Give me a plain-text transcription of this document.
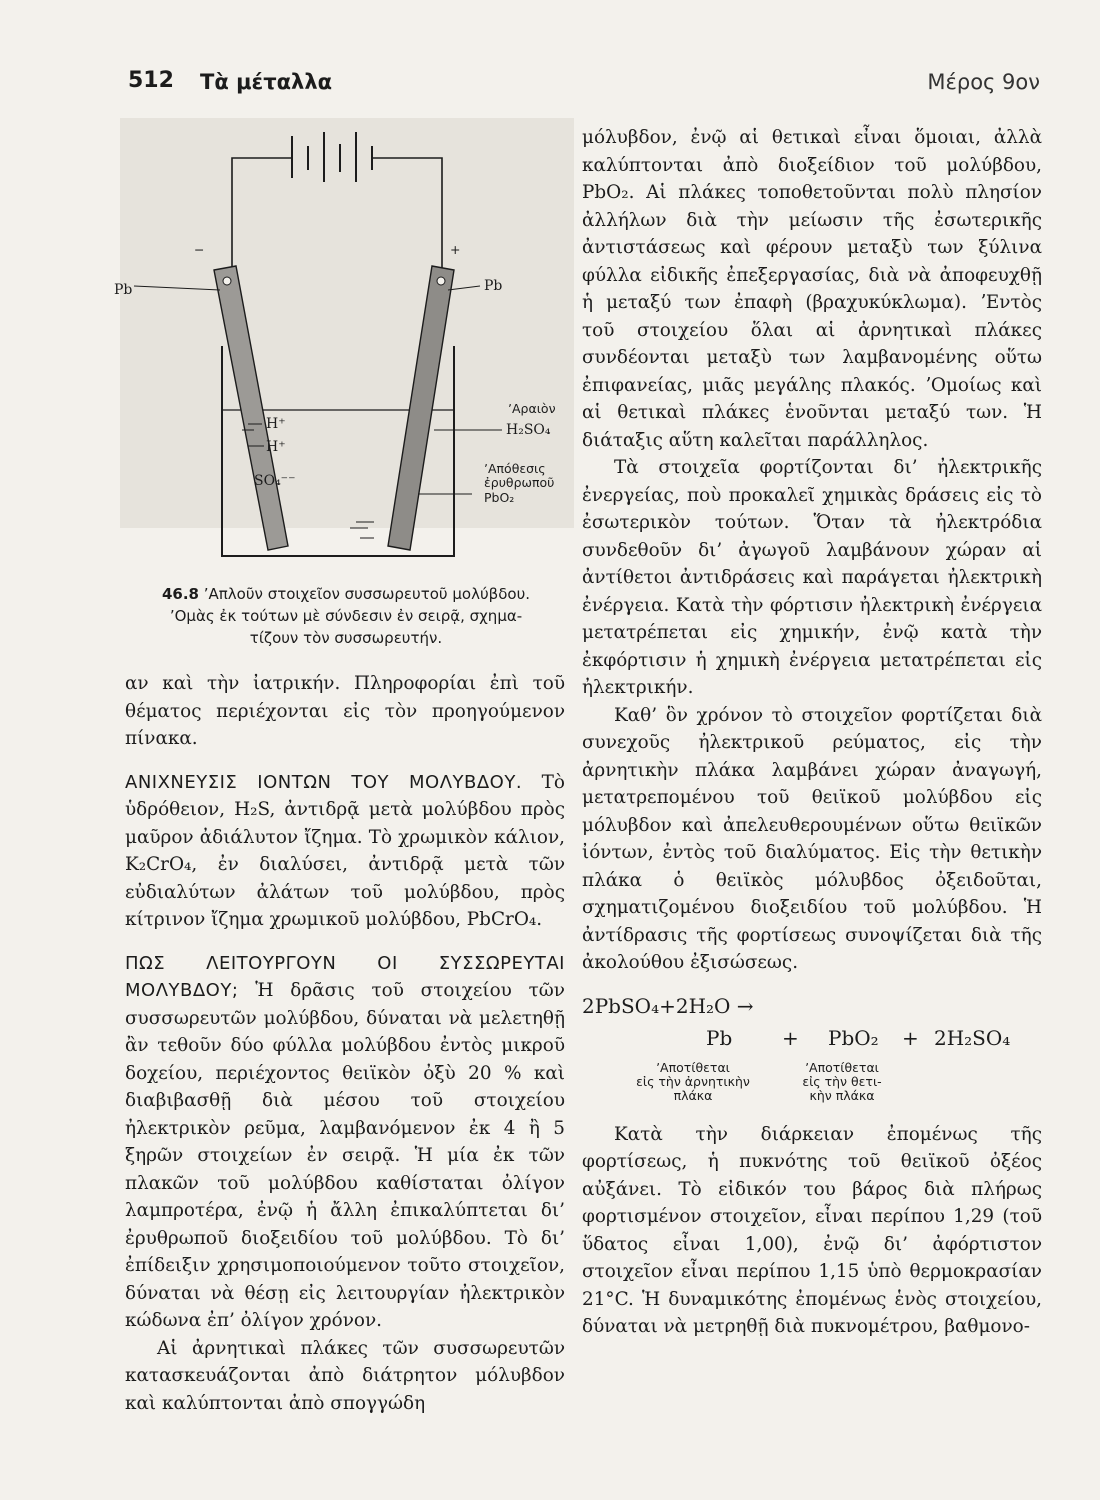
512 Τὰ μέταλλα	Μέρος 9ον
−	+
Pb	Pb
H⁺
H⁺
SO₄⁻⁻
ʼΑραιὸν
H₂SO₄
ʼΑπόθεσις
ἐρυθρωποῦ
PbO₂
46.8 ʼΑπλοῦν στοιχεῖον συσσωρευτοῦ μολύβδου.
ʼΟμὰς ἐκ τούτων μὲ σύνδεσιν ἐν σειρᾷ, σχημα-
τίζουν τὸν συσσωρευτήν.

αν καὶ τὴν ἰατρικήν. Πληροφορίαι ἐπὶ τοῦ θέματος περιέχονται εἰς τὸν προηγούμενον πίνακα.

ΑΝΙΧΝΕΥΣΙΣ ΙΟΝΤΩΝ ΤΟΥ ΜΟΛΥΒΔΟΥ. Τὸ ὑδρόθειον, H₂S, ἀντιδρᾷ μετὰ μολύβδου πρὸς μαῦρον ἀδιάλυτον ἴζημα. Τὸ χρωμικὸν κάλιον, K₂CrO₄, ἐν διαλύσει, ἀντιδρᾷ μετὰ τῶν εὐδιαλύτων ἀλάτων τοῦ μολύβδου, πρὸς κίτρινον ἴζημα χρωμικοῦ μολύβδου, PbCrO₄.

ΠΩΣ ΛΕΙΤΟΥΡΓΟΥΝ ΟΙ ΣΥΣΣΩΡΕΥΤΑΙ ΜΟΛΥΒΔΟΥ; Ἡ δρᾶσις τοῦ στοιχείου τῶν συσσωρευτῶν μολύβδου, δύναται νὰ μελετηθῇ ἂν τεθοῦν δύο φύλλα μολύβδου ἐντὸς μικροῦ δοχείου, περιέχοντος θειϊκὸν ὀξὺ 20 % καὶ διαβιβασθῇ διὰ μέσου τοῦ στοιχείου ἠλεκτρικὸν ρεῦμα, λαμβανόμενον ἐκ 4 ἢ 5 ξηρῶν στοιχείων ἐν σειρᾷ. Ἡ μία ἐκ τῶν πλακῶν τοῦ μολύβδου καθίσταται ὀλίγον λαμπροτέρα, ἐνῷ ἡ ἄλλη ἐπικαλύπτεται δι’ ἐρυθρωποῦ διοξειδίου τοῦ μολύβδου. Τὸ δι’ ἐπίδειξιν χρησιμοποιούμενον τοῦτο στοιχεῖον, δύναται νὰ θέσῃ εἰς λειτουργίαν ἠλεκτρικὸν κώδωνα ἐπ’ ὀλίγον χρόνον.

Αἱ ἀρνητικαὶ πλάκες τῶν συσσωρευτῶν κατασκευάζονται ἀπὸ διάτρητον μόλυβδον καὶ καλύπτονται ἀπὸ σπογγώδη

μόλυβδον, ἐνῷ αἱ θετικαὶ εἶναι ὅμοιαι, ἀλλὰ καλύπτονται ἀπὸ διοξείδιον τοῦ μολύβδου, PbO₂. Αἱ πλάκες τοποθετοῦνται πολὺ πλησίον ἀλλήλων διὰ τὴν μείωσιν τῆς ἐσωτερικῆς ἀντιστάσεως καὶ φέρουν μεταξὺ των ξύλινα φύλλα εἰδικῆς ἐπεξεργασίας, διὰ νὰ ἀποφευχθῇ ἡ μεταξύ των ἐπαφὴ (βραχυκύκλωμα). ʼΕντὸς τοῦ στοιχείου ὅλαι αἱ ἀρνητικαὶ πλάκες συνδέονται μεταξὺ των λαμβανομένης οὕτω ἐπιφανείας, μιᾶς μεγάλης πλακός. ʼΟμοίως καὶ αἱ θετικαὶ πλάκες ἑνοῦνται μεταξύ των. Ἡ διάταξις αὕτη καλεῖται παράλληλος.

Τὰ στοιχεῖα φορτίζονται δι’ ἠλεκτρικῆς ἐνεργείας, ποὺ προκαλεῖ χημικὰς δράσεις εἰς τὸ ἐσωτερικὸν τούτων. Ὅταν τὰ ἠλεκτρόδια συνδεθοῦν δι’ ἀγωγοῦ λαμβάνουν χώραν αἱ ἀντίθετοι ἀντιδράσεις καὶ παράγεται ἠλεκτρικὴ ἐνέργεια. Κατὰ τὴν φόρτισιν ἠλεκτρικὴ ἐνέργεια μετατρέπεται εἰς χημικήν, ἐνῷ κατὰ τὴν ἐκφόρτισιν ἡ χημικὴ ἐνέργεια μετατρέπεται εἰς ἠλεκτρικήν.

Καθ’ ὃν χρόνον τὸ στοιχεῖον φορτίζεται διὰ συνεχοῦς ἠλεκτρικοῦ ρεύματος, εἰς τὴν ἀρνητικὴν πλάκα λαμβάνει χώραν ἀναγωγή, μετατρεπομένου τοῦ θειϊκοῦ μολύβδου εἰς μόλυβδον καὶ ἀπελευθερουμένων οὕτω θειϊκῶν ἰόντων, ἐντὸς τοῦ διαλύματος. Εἰς τὴν θετικὴν πλάκα ὁ θειϊκὸς μόλυβδος ὀξειδοῦται, σχηματιζομένου διοξειδίου τοῦ μολύβδου. Ἡ ἀντίδρασις τῆς φορτίσεως συνοψίζεται διὰ τῆς ἀκολούθου ἐξισώσεως.

2PbSO₄+2H₂O →
Pb + PbO₂ + 2H₂SO₄
ʼΑποτίθεται
εἰς τὴν ἀρνητικὴν
πλάκα
ʼΑποτίθεται
εἰς τὴν θετι-
κὴν πλάκα

Κατὰ τὴν διάρκειαν ἐπομένως τῆς φορτίσεως, ἡ πυκνότης τοῦ θειϊκοῦ ὀξέος αὐξάνει. Τὸ εἰδικόν του βάρος διὰ πλήρως φορτισμένον στοιχεῖον, εἶναι περίπου 1,29 (τοῦ ὕδατος εἶναι 1,00), ἐνῷ δι’ ἀφόρτιστον στοιχεῖον εἶναι περίπου 1,15 ὑπὸ θερμοκρασίαν 21°C. Ἡ δυναμικότης ἐπομένως ἑνὸς στοιχείου, δύναται νὰ μετρηθῇ διὰ πυκνομέτρου, βαθμονο-
